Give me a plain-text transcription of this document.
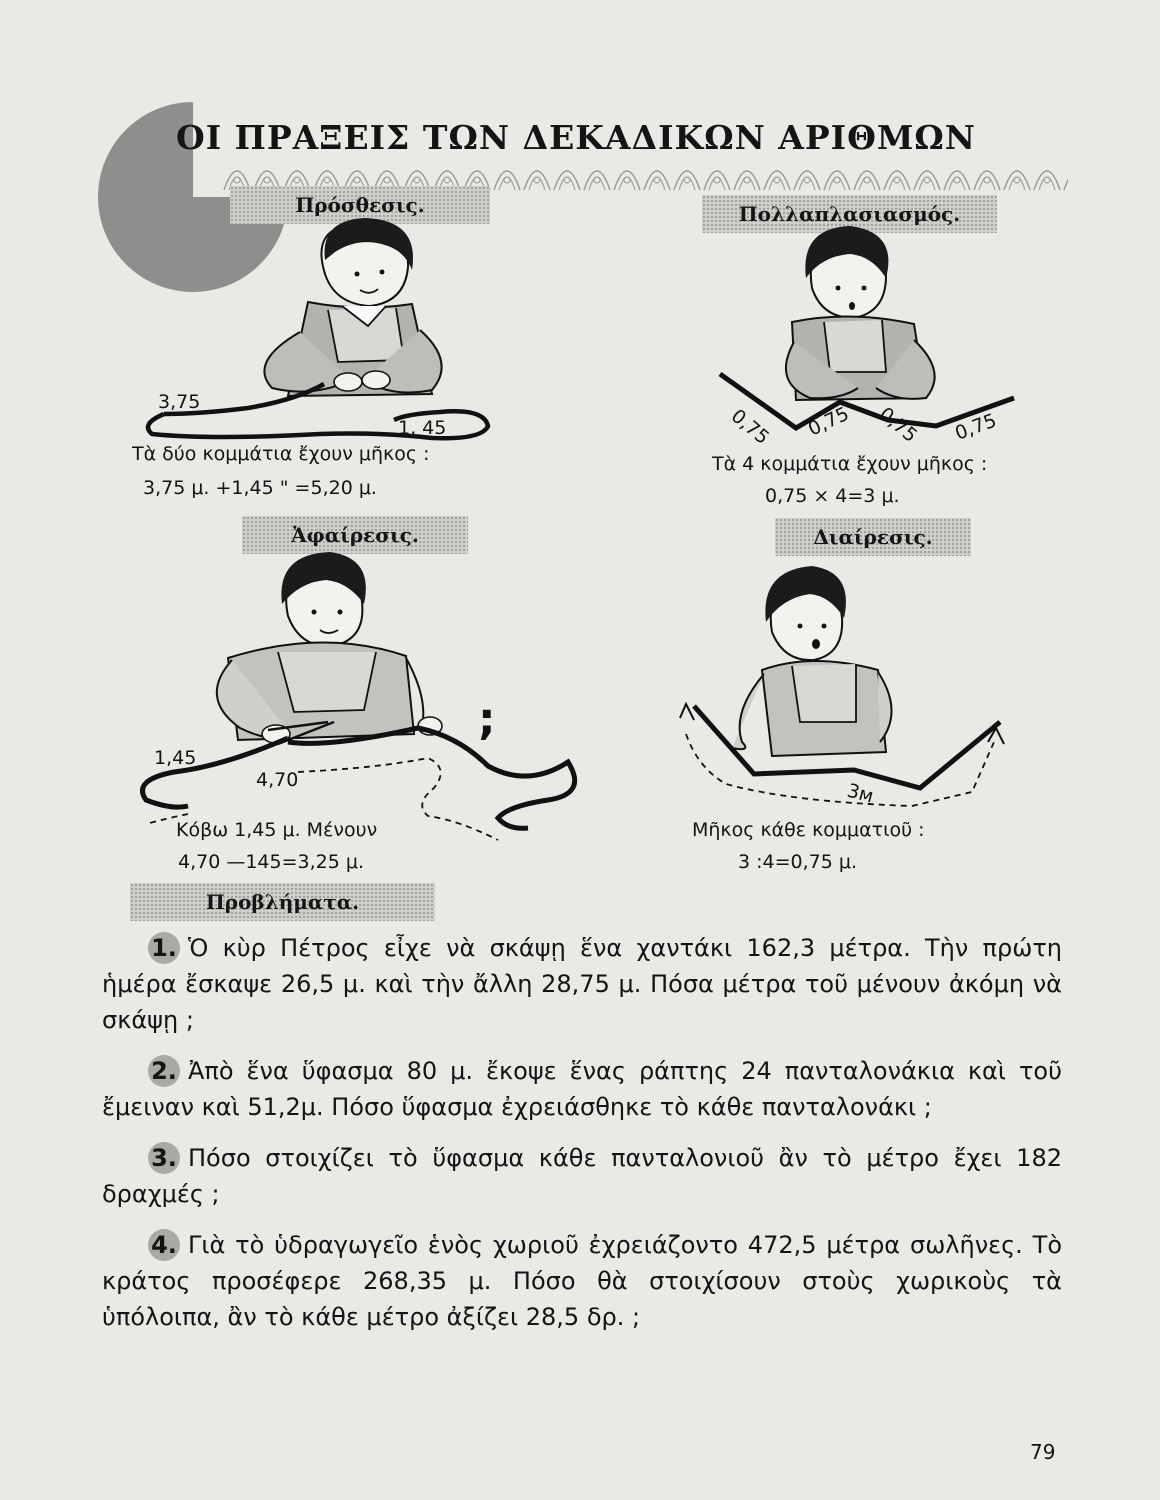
ΟΙ ΠΡΑΞΕΙΣ ΤΩΝ ΔΕΚΑΔΙΚΩΝ ΑΡΙΘΜΩΝ
Πρόσθεσις.
3,75
1, 45
Τὰ δύο κομμάτια ἔχουν μῆκος :
3,75 μ. +1,45 " =5,20 μ.
Πολλαπλασιασμός.
0,75 0,75 0,75 0,75
Τὰ 4 κομμάτια ἔχουν μῆκος :
0,75 × 4=3 μ.
Ἀφαίρεσις.
1,45
4,70
;
Κόβω 1,45 μ. Μένουν
4,70 —145=3,25 μ.
Διαίρεσις.
3м
Μῆκος κάθε κομματιοῦ :
3 :4=0,75 μ.
Προβλήματα.

1. Ὁ κὺρ Πέτρος εἶχε νὰ σκάψῃ ἕνα χαντάκι 162,3 μέτρα. Τὴν πρώτη ἡμέρα ἔσκαψε 26,5 μ. καὶ τὴν ἄλλη 28,75 μ. Πόσα μέτρα τοῦ μένουν ἀκόμη νὰ σκάψῃ ;

2. Ἀπὸ ἕνα ὕφασμα 80 μ. ἔκοψε ἕνας ράπτης 24 πανταλονάκια καὶ τοῦ ἔμειναν καὶ 51,2μ. Πόσο ὕφασμα ἐχρειάσθηκε τὸ κάθε πανταλονάκι ;

3. Πόσο στοιχίζει τὸ ὕφασμα κάθε πανταλονιοῦ ἂν τὸ μέτρο ἔχει 182 δραχμές ;

4. Γιὰ τὸ ὑδραγωγεῖο ἑνὸς χωριοῦ ἐχρειάζοντο 472,5 μέτρα σωλῆνες. Τὸ κράτος προσέφερε 268,35 μ. Πόσο θὰ στοιχίσουν στοὺς χωρικοὺς τὰ ὑπόλοιπα, ἂν τὸ κάθε μέτρο ἀξίζει 28,5 δρ. ;

79
